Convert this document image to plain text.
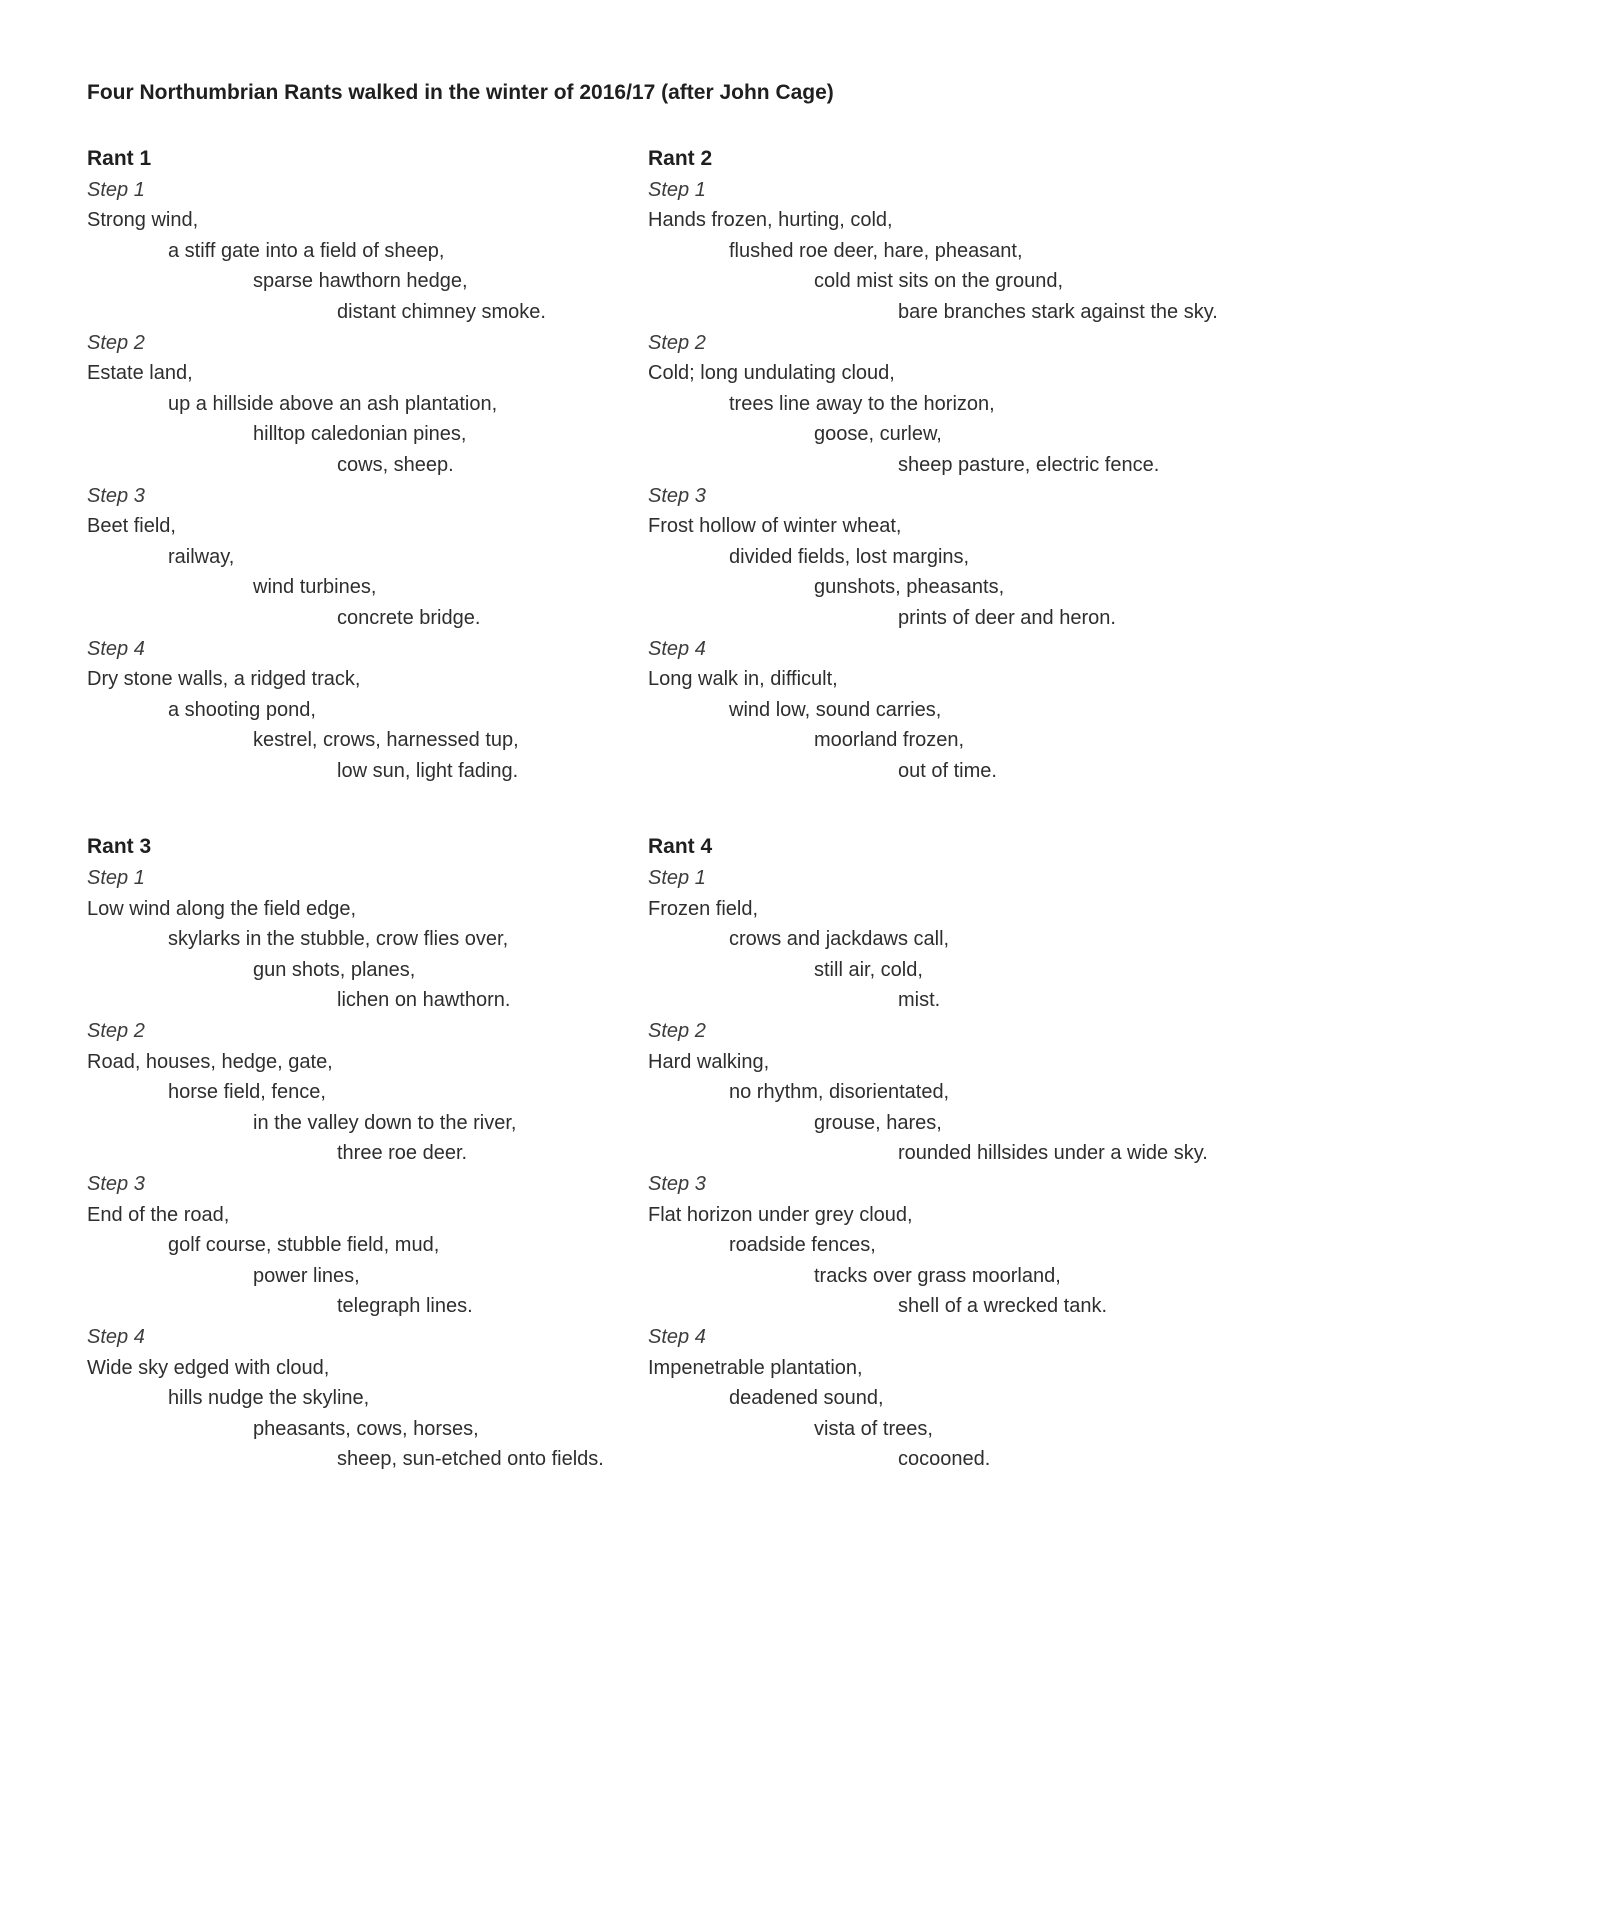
Four Northumbrian Rants walked in the winter of 2016/17 (after John Cage)
Rant 1

Step 1

Strong wind,

a stiff gate into a field of sheep,

sparse hawthorn hedge,

distant chimney smoke.

Step 2

Estate land,

up a hillside above an ash plantation,

hilltop caledonian pines,

cows, sheep.

Step 3

Beet field,

railway,

wind turbines,

concrete bridge.

Step 4

Dry stone walls, a ridged track,

a shooting pond,

kestrel, crows, harnessed tup,

low sun, light fading.

Rant 2

Step 1

Hands frozen, hurting, cold,

flushed roe deer, hare, pheasant,

cold mist sits on the ground,

bare branches stark against the sky.

Step 2

Cold; long undulating cloud,

trees line away to the horizon,

goose, curlew,

sheep pasture, electric fence.

Step 3

Frost hollow of winter wheat,

divided fields, lost margins,

gunshots, pheasants,

prints of deer and heron.

Step 4

Long walk in, difficult,

wind low, sound carries,

moorland frozen,

out of time.

Rant 3

Step 1

Low wind along the field edge,

skylarks in the stubble, crow flies over,

gun shots, planes,

lichen on hawthorn.

Step 2

Road, houses, hedge, gate,

horse field, fence,

in the valley down to the river,

three roe deer.

Step 3

End of the road,

golf course, stubble field, mud,

power lines,

telegraph lines.

Step 4

Wide sky edged with cloud,

hills nudge the skyline,

pheasants, cows, horses,

sheep, sun-etched onto fields.

Rant 4

Step 1

Frozen field,

crows and jackdaws call,

still air, cold,

mist.

Step 2

Hard walking,

no rhythm, disorientated,

grouse, hares,

rounded hillsides under a wide sky.

Step 3

Flat horizon under grey cloud,

roadside fences,

tracks over grass moorland,

shell of a wrecked tank.

Step 4

Impenetrable plantation,

deadened sound,

vista of trees,

cocooned.
